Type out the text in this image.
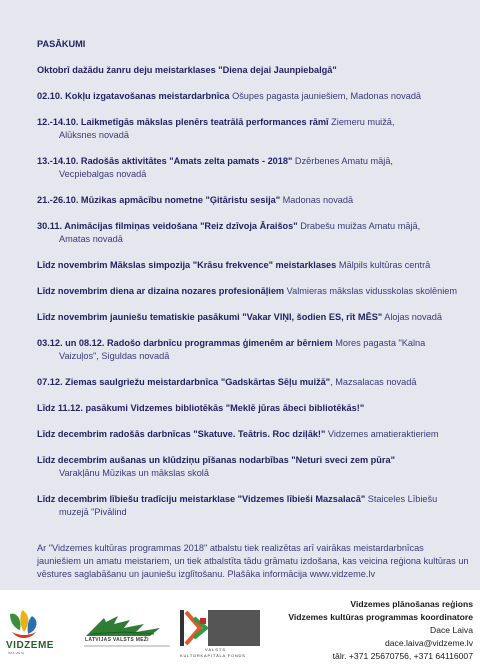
PASĀKUMI
Oktobrī dažādu žanru deju meistarklases "Diena dejai Jaunpiebalgā"
02.10. Kokļu izgatavošanas meistardarbnīca Ošupes pagasta jauniešiem, Madonas novadā
12.-14.10. Laikmetīgās mākslas plenērs teatrālā performances rāmī Ziemeru muižā,
Alūksnes novadā
13.-14.10. Radošās aktivitātes "Amats zelta pamats - 2018" Dzērbenes Amatu mājā,
Vecpiebalgas novadā
21.-26.10. Mūzikas apmācību nometne "Ģitāristu sesija" Madonas novadā
30.11. Animācijas filmiņas veidošana "Reiz dzīvoja Āraišos" Drabešu muižas Amatu mājā,
Amatas novadā
Līdz novembrim Mākslas simpozija "Krāsu frekvence" meistarklases Mālpils kultūras centrā
Līdz novembrim diena ar dizaina nozares profesionāļiem Valmieras mākslas vidusskolas skolēniem
Līdz novembrim jauniešu tematiskie pasākumi "Vakar VIŅI, šodien ES, rīt MĒS" Alojas novadā
03.12. un 08.12. Radošo darbnīcu programmas ģimenēm ar bērniem Mores pagasta "Kalna
Vaizuļos", Siguldas novadā
07.12. Ziemas saulgriežu meistardarbnīca "Gadskārtas Sēļu muižā", Mazsalacas novadā
Līdz 11.12. pasākumi Vidzemes bibliotēkās "Meklē jūras ābeci bibliotēkās!"
Līdz decembrim radošās darbnīcas "Skatuve. Teātris. Roc dziļāk!" Vidzemes amatieraktieriem
Līdz decembrim aušanas un klūdziņu pīšanas nodarbības "Neturi sveci zem pūra"
Varakļānu Mūzikas un mākslas skolā
Līdz decembrim lībiešu tradīciju meistarklase "Vidzemes lībieši Mazsalacā" Staiceles Lībiešu
muzejā "Pivālind
Ar "Vidzemes kultūras programmas 2018" atbalstu tiek realizētas arī vairākas meistardarbnīcas jauniešiem un amatu meistariem, un tiek atbalstīta tādu grāmatu izdošana, kas veicina reģiona kultūras un vēstures saglabāšanu un jauniešu izglītošanu. Plašāka informācija www.vidzeme.lv
VIDZEME
ĪSTĀ VIETA
LATVIJAS VALSTS MEŽI
VALSTS
KULTŪRKAPITĀLA FONDS
Vidzemes plānošanas reģions
Vidzemes kultūras programmas koordinatore
Dace Laiva
dace.laiva@vidzeme.lv
tālr. +371 25670756, +371 64116007
